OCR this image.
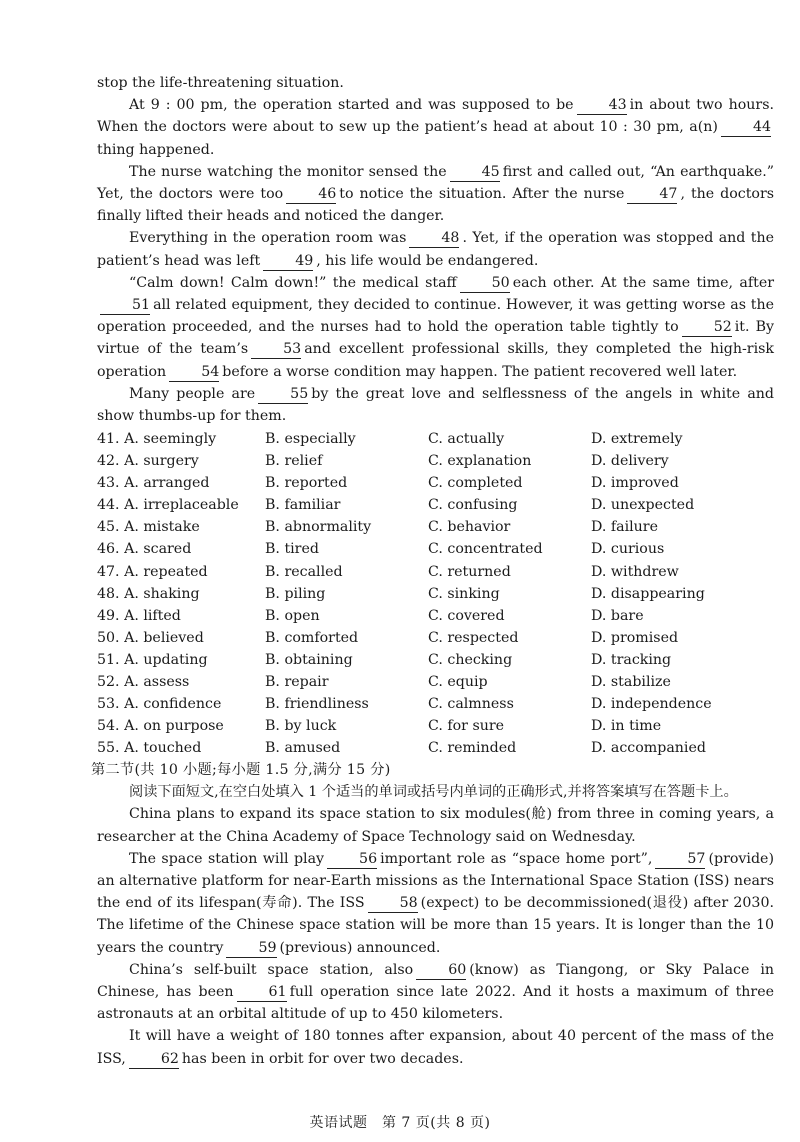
stop the life-threatening situation.

At 9 : 00 pm, the operation started and was supposed to be 43 in about two hours. When the doctors were about to sew up the patient’s head at about 10 : 30 pm, a(n) 44thing happened.

The nurse watching the monitor sensed the 45 first and called out, “An earthquake.” Yet, the doctors were too 46 to notice the situation. After the nurse 47 , the doctors finally lifted their heads and noticed the danger.

Everything in the operation room was 48 . Yet, if the operation was stopped and the patient’s head was left 49 , his life would be endangered.

“Calm down! Calm down!” the medical staff 50 each other. At the same time, after51 all related equipment, they decided to continue. However, it was getting worse as the operation proceeded, and the nurses had to hold the operation table tightly to 52 it. By virtue of the team’s 53 and excellent professional skills, they completed the high-risk operation 54 before a worse condition may happen. The patient recovered well later.

Many people are 55 by the great love and selflessness of the angels in white and show thumbs-up for them.

41. A. seemingly	B. especially	C. actually	D. extremely
42. A. surgery	B. relief	C. explanation	D. delivery
43. A. arranged	B. reported	C. completed	D. improved
44. A. irreplaceable	B. familiar	C. confusing	D. unexpected
45. A. mistake	B. abnormality	C. behavior	D. failure
46. A. scared	B. tired	C. concentrated	D. curious
47. A. repeated	B. recalled	C. returned	D. withdrew
48. A. shaking	B. piling	C. sinking	D. disappearing
49. A. lifted	B. open	C. covered	D. bare
50. A. believed	B. comforted	C. respected	D. promised
51. A. updating	B. obtaining	C. checking	D. tracking
52. A. assess	B. repair	C. equip	D. stabilize
53. A. confidence	B. friendliness	C. calmness	D. independence
54. A. on purpose	B. by luck	C. for sure	D. in time
55. A. touched	B. amused	C. reminded	D. accompanied

第二节(共 10 小题;每小题 1.5 分,满分 15 分)

阅读下面短文,在空白处填入 1 个适当的单词或括号内单词的正确形式,并将答案填写在答题卡上。

China plans to expand its space station to six modules(舱) from three in coming years, a researcher at the China Academy of Space Technology said on Wednesday.

The space station will play 56 important role as “space home port”, 57 (provide) an alternative platform for near-Earth missions as the International Space Station (ISS) nears the end of its lifespan(寿命). The ISS 58 (expect) to be decommissioned(退役) after 2030. The lifetime of the Chinese space station will be more than 15 years. It is longer than the 10 years the country 59 (previous) announced.

China’s self-built space station, also 60 (know) as Tiangong, or Sky Palace in Chinese, has been 61 full operation since late 2022. And it hosts a maximum of three astronauts at an orbital altitude of up to 450 kilometers.

It will have a weight of 180 tonnes after expansion, about 40 percent of the mass of the ISS, 62 has been in orbit for over two decades.

英语试题　第 7 页(共 8 页)
